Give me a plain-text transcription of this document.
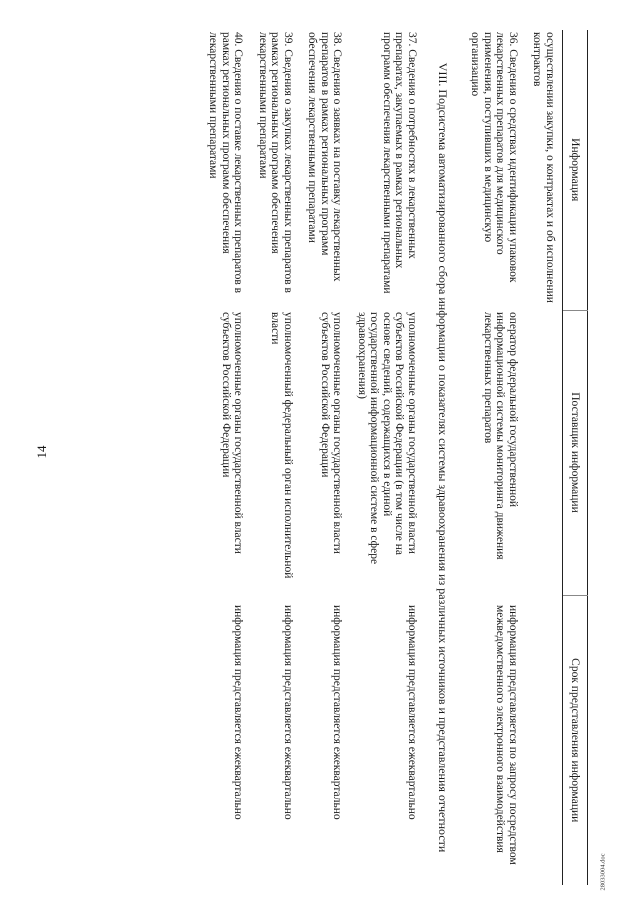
14
Информация	Поставщик информации	Срок представления информации
осуществлении закупки, о контрактах и об исполнении контрактов		
36. Сведения о средствах идентификации упаковок лекарственных препаратов для медицинского применения, поступивших в медицинскую организацию	оператор федеральной государственной информационной системы мониторинга движения лекарственных препаратов	информация представляется по запросу посредством межведомственного электронного взаимодействия
VIII. Подсистема автоматизированного сбора информации о показателях системы здравоохранения из различных источников и представления отчетности		
37. Сведения о потребностях в лекарственных препаратах, закупаемых в рамках региональных программ обеспечения лекарственными препаратами	уполномоченные органы государственной власти субъектов Российской Федерации (в том числе на основе сведений, содержащихся в единой государственной информационной системе в сфере здравоохранения)	информация представляется ежеквартально
38. Сведения о заявках на поставку лекарственных препаратов в рамках региональных программ обеспечения лекарственными препаратами	уполномоченные органы государственной власти субъектов Российской Федерации	информация представляется ежеквартально
39. Сведения о закупках лекарственных препаратов в рамках региональных программ обеспечения лекарственными препаратами	уполномоченный федеральный орган исполнительной власти	информация представляется ежеквартально
40. Сведения о поставке лекарственных препаратов в рамках региональных программ обеспечения лекарственными препаратами	уполномоченные органы государственной власти субъектов Российской Федерации	информация представляется ежеквартально
28033004.doc
